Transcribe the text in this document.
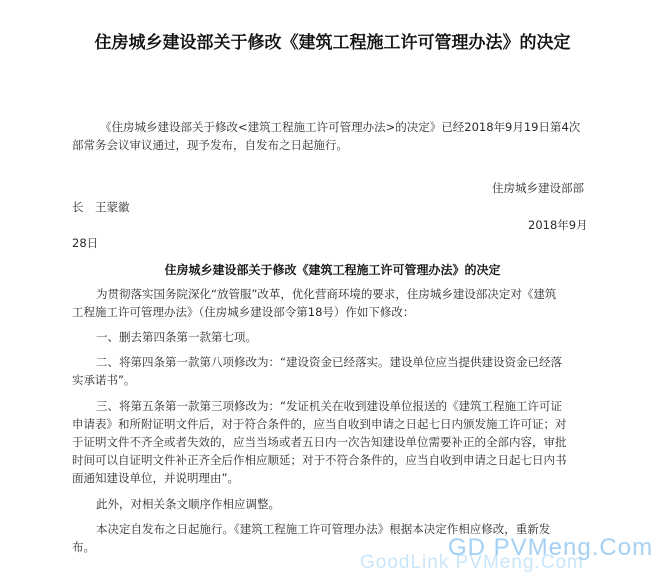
住房城乡建设部关于修改《建筑工程施工许可管理办法》的决定
《住房城乡建设部关于修改<建筑工程施工许可管理办法>的决定》已经2018年9月19日第4次
部常务会议审议通过，现予发布，自发布之日起施行。
住房城乡建设部部
长　王蒙徽
2018年9月
28日
住房城乡建设部关于修改《建筑工程施工许可管理办法》的决定
为贯彻落实国务院深化“放管服”改革，优化营商环境的要求，住房城乡建设部决定对《建筑
工程施工许可管理办法》（住房城乡建设部令第18号）作如下修改：
一、删去第四条第一款第七项。
二、将第四条第一款第八项修改为：“建设资金已经落实。建设单位应当提供建设资金已经落
实承诺书”。
三、将第五条第一款第三项修改为：“发证机关在收到建设单位报送的《建筑工程施工许可证
申请表》和所附证明文件后，对于符合条件的，应当自收到申请之日起七日内颁发施工许可证；对
于证明文件不齐全或者失效的，应当当场或者五日内一次告知建设单位需要补正的全部内容，审批
时间可以自证明文件补正齐全后作相应顺延；对于不符合条件的，应当自收到申请之日起七日内书
面通知建设单位，并说明理由”。
此外，对相关条文顺序作相应调整。
本决定自发布之日起施行。《建筑工程施工许可管理办法》根据本决定作相应修改，重新发
布。	GD PVMeng.Com
GoodLink PVMeng.Com
